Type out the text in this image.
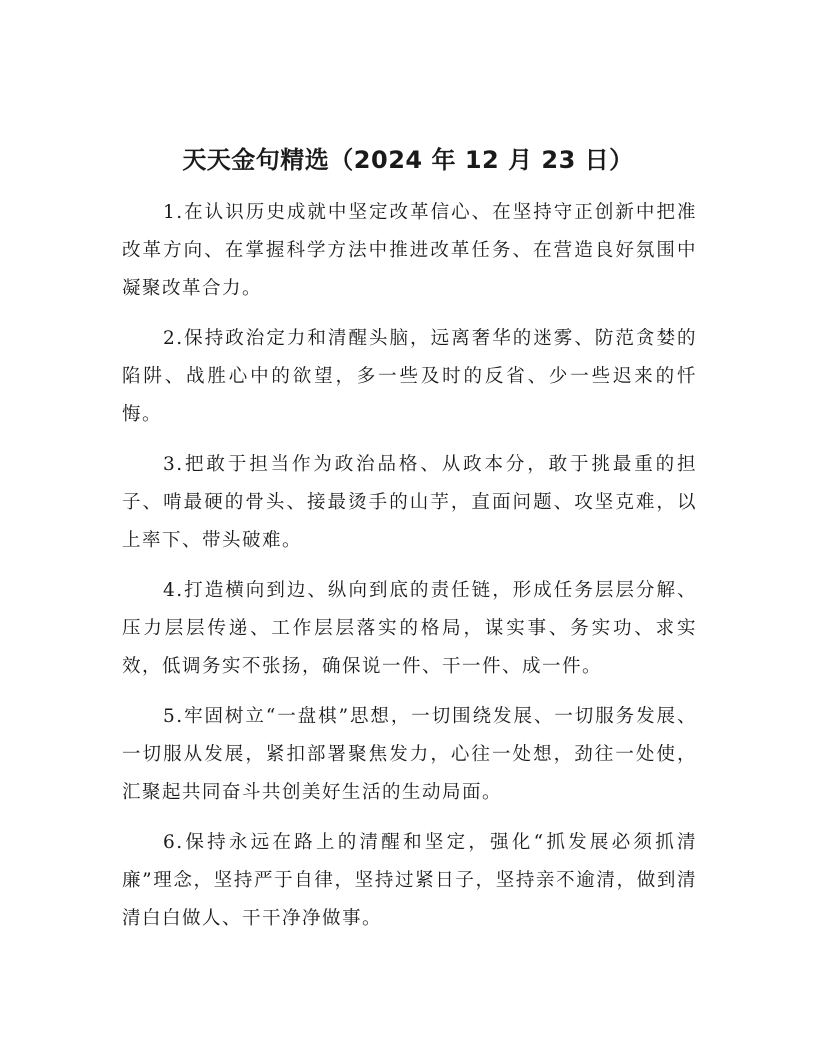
天天金句精选（2024 年 12 月 23 日）

1.在认识历史成就中坚定改革信心、在坚持守正创新中把准改革方向、在掌握科学方法中推进改革任务、在营造良好氛围中凝聚改革合力。

2.保持政治定力和清醒头脑，远离奢华的迷雾、防范贪婪的陷阱、战胜心中的欲望，多一些及时的反省、少一些迟来的忏悔。

3.把敢于担当作为政治品格、从政本分，敢于挑最重的担子、啃最硬的骨头、接最烫手的山芋，直面问题、攻坚克难，以上率下、带头破难。

4.打造横向到边、纵向到底的责任链，形成任务层层分解、压力层层传递、工作层层落实的格局，谋实事、务实功、求实效，低调务实不张扬，确保说一件、干一件、成一件。

5.牢固树立“一盘棋”思想，一切围绕发展、一切服务发展、一切服从发展，紧扣部署聚焦发力，心往一处想，劲往一处使，汇聚起共同奋斗共创美好生活的生动局面。

6.保持永远在路上的清醒和坚定，强化“抓发展必须抓清廉”理念，坚持严于自律，坚持过紧日子，坚持亲不逾清，做到清清白白做人、干干净净做事。
